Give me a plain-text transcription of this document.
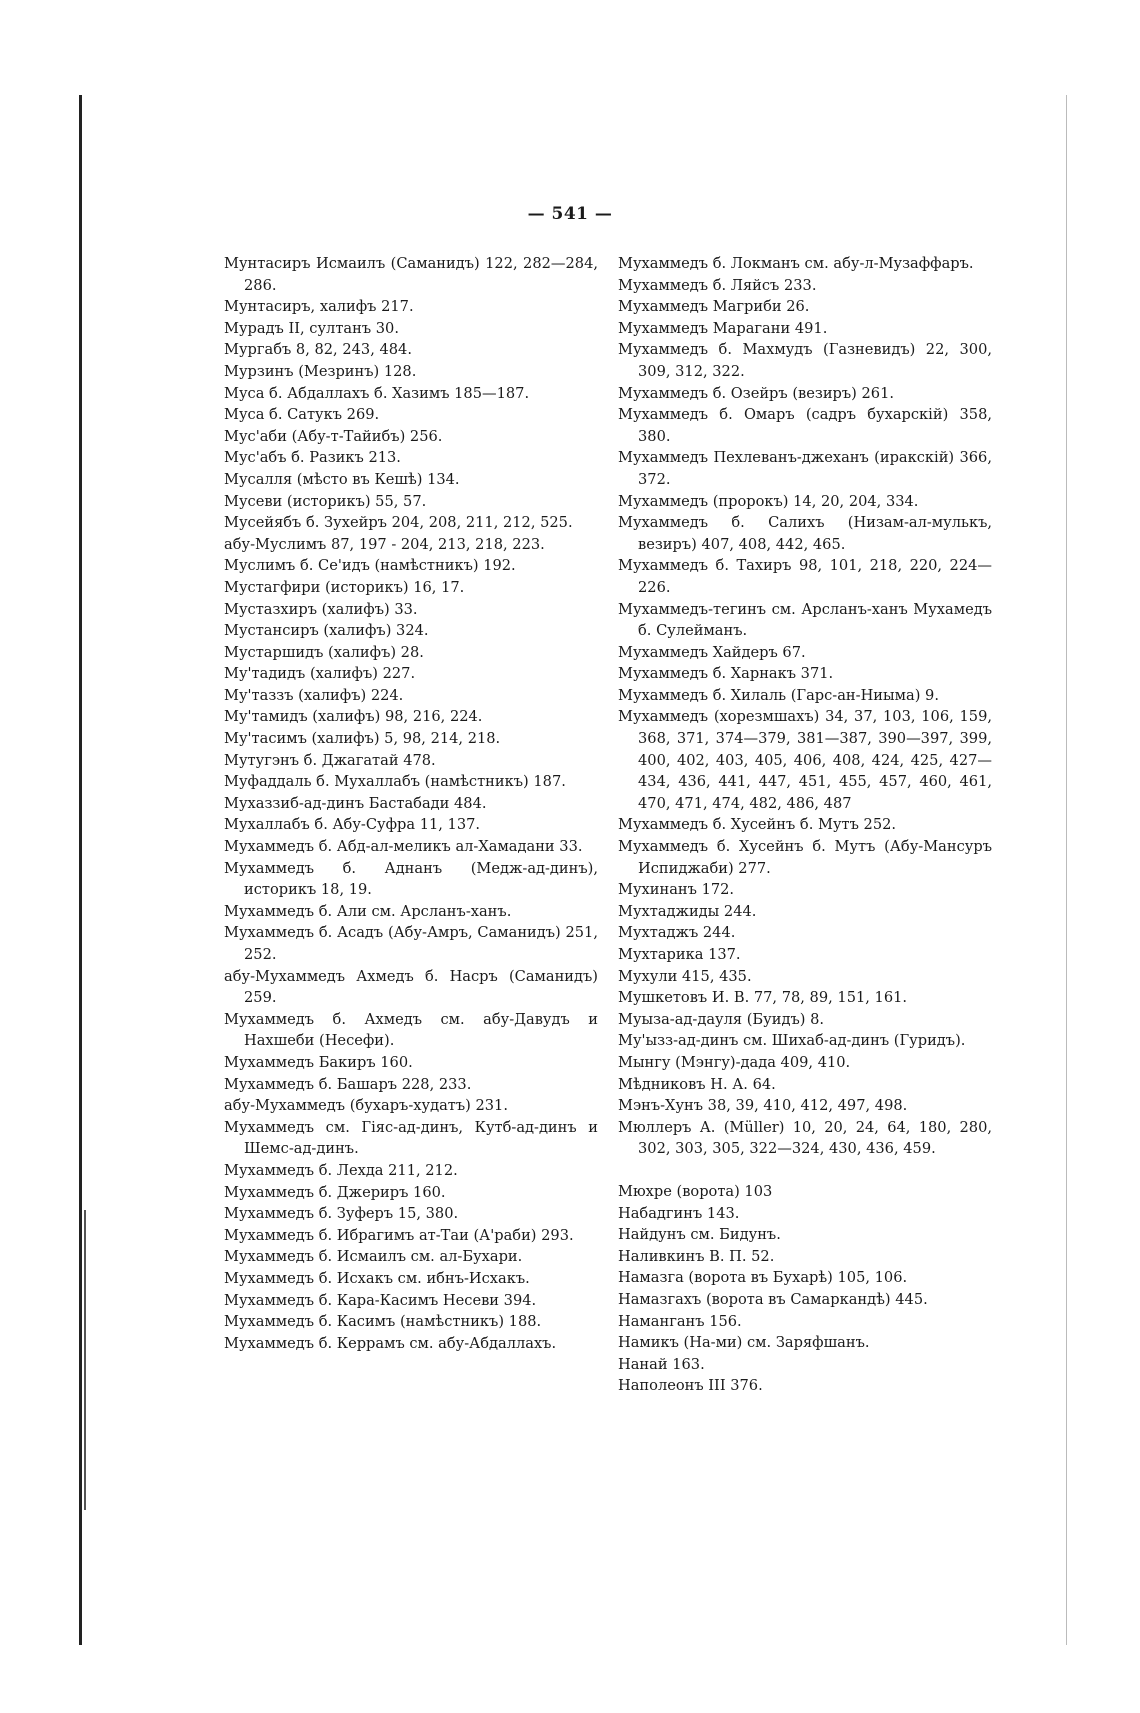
— 541 —

Мунтасиръ Исмаилъ (Саманидъ) 122, 282—284, 286.

Мунтасиръ, халифъ 217.

Мурадъ II, султанъ 30.

Мургабъ 8, 82, 243, 484.

Мурзинъ (Мезринъ) 128.

Муса б. Абдаллахъ б. Хазимъ 185—187.

Муса б. Сатукъ 269.

Мус'аби (Абу-т-Тайибъ) 256.

Мус'абъ б. Разикъ 213.

Мусалля (мѣсто въ Кешѣ) 134.

Мусеви (историкъ) 55, 57.

Мусейябъ б. Зухейръ 204, 208, 211, 212, 525.

абу-Муслимъ 87, 197 - 204, 213, 218, 223.

Муслимъ б. Се'идъ (намѣстникъ) 192.

Мустагфири (историкъ) 16, 17.

Мустазхиръ (халифъ) 33.

Мустансиръ (халифъ) 324.

Мустаршидъ (халифъ) 28.

Му'тадидъ (халифъ) 227.

Му'таззъ (халифъ) 224.

Му'тамидъ (халифъ) 98, 216, 224.

Му'тасимъ (халифъ) 5, 98, 214, 218.

Мутугэнъ б. Джагатай 478.

Муфаддаль б. Мухаллабъ (намѣстникъ) 187.

Мухаззиб-ад-динъ Бастабади 484.

Мухаллабъ б. Абу-Суфра 11, 137.

Мухаммедъ б. Абд-ал-меликъ ал-Хамадани 33.

Мухаммедъ б. Аднанъ (Медж-ад-динъ), историкъ 18, 19.

Мухаммедъ б. Али см. Арсланъ-ханъ.

Мухаммедъ б. Асадъ (Абу-Амръ, Саманидъ) 251, 252.

абу-Мухаммедъ Ахмедъ б. Насръ (Саманидъ) 259.

Мухаммедъ б. Ахмедъ см. абу-Давудъ и Нахшеби (Несефи).

Мухаммедъ Бакиръ 160.

Мухаммедъ б. Башаръ 228, 233.

абу-Мухаммедъ (бухаръ-худатъ) 231.

Мухаммедъ см. Гіяс-ад-динъ, Кутб-ад-динъ и Шемс-ад-динъ.

Мухаммедъ б. Лехда 211, 212.

Мухаммедъ б. Джериръ 160.

Мухаммедъ б. Зуферъ 15, 380.

Мухаммедъ б. Ибрагимъ ат-Таи (А'раби) 293.

Мухаммедъ б. Исмаилъ см. ал-Бухари.

Мухаммедъ б. Исхакъ см. ибнъ-Исхакъ.

Мухаммедъ б. Кара-Касимъ Несеви 394.

Мухаммедъ б. Касимъ (намѣстникъ) 188.

Мухаммедъ б. Керрамъ см. абу-Абдаллахъ.

Мухаммедъ б. Локманъ см. абу-л-Музаффаръ.

Мухаммедъ б. Ляйсъ 233.

Мухаммедъ Магриби 26.

Мухаммедъ Марагани 491.

Мухаммедъ б. Махмудъ (Газневидъ) 22, 300, 309, 312, 322.

Мухаммедъ б. Озейръ (везиръ) 261.

Мухаммедъ б. Омаръ (садръ бухарскій) 358, 380.

Мухаммедъ Пехлеванъ-джеханъ (иракскій) 366, 372.

Мухаммедъ (пророкъ) 14, 20, 204, 334.

Мухаммедъ б. Салихъ (Низам-ал-мулькъ, везиръ) 407, 408, 442, 465.

Мухаммедъ б. Тахиръ 98, 101, 218, 220, 224—226.

Мухаммедъ-тегинъ см. Арсланъ-ханъ Мухамедъ б. Сулейманъ.

Мухаммедъ Хайдеръ 67.

Мухаммедъ б. Харнакъ 371.

Мухаммедъ б. Хилаль (Гарс-ан-Ниыма) 9.

Мухаммедъ (хорезмшахъ) 34, 37, 103, 106, 159, 368, 371, 374—379, 381—387, 390—397, 399, 400, 402, 403, 405, 406, 408, 424, 425, 427—434, 436, 441, 447, 451, 455, 457, 460, 461, 470, 471, 474, 482, 486, 487

Мухаммедъ б. Хусейнъ б. Мутъ 252.

Мухаммедъ б. Хусейнъ б. Мутъ (Абу-Мансуръ Испиджаби) 277.

Мухинанъ 172.

Мухтаджиды 244.

Мухтаджъ 244.

Мухтарика 137.

Мухули 415, 435.

Мушкетовъ И. В. 77, 78, 89, 151, 161.

Муыза-ад-дауля (Буидъ) 8.

Му'ызз-ад-динъ см. Шихаб-ад-динъ (Гуридъ).

Мынгу (Мэнгу)-дада 409, 410.

Мѣдниковъ Н. А. 64.

Мэнъ-Хунъ 38, 39, 410, 412, 497, 498.

Мюллеръ А. (Müller) 10, 20, 24, 64, 180, 280, 302, 303, 305, 322—324, 430, 436, 459.

Мюхре (ворота) 103

Набадгинъ 143.

Найдунъ см. Бидунъ.

Наливкинъ В. П. 52.

Намазга (ворота въ Бухарѣ) 105, 106.

Намазгахъ (ворота въ Самаркандѣ) 445.

Наманганъ 156.

Намикъ (На-ми) см. Заряфшанъ.

Нанай 163.

Наполеонъ III 376.
